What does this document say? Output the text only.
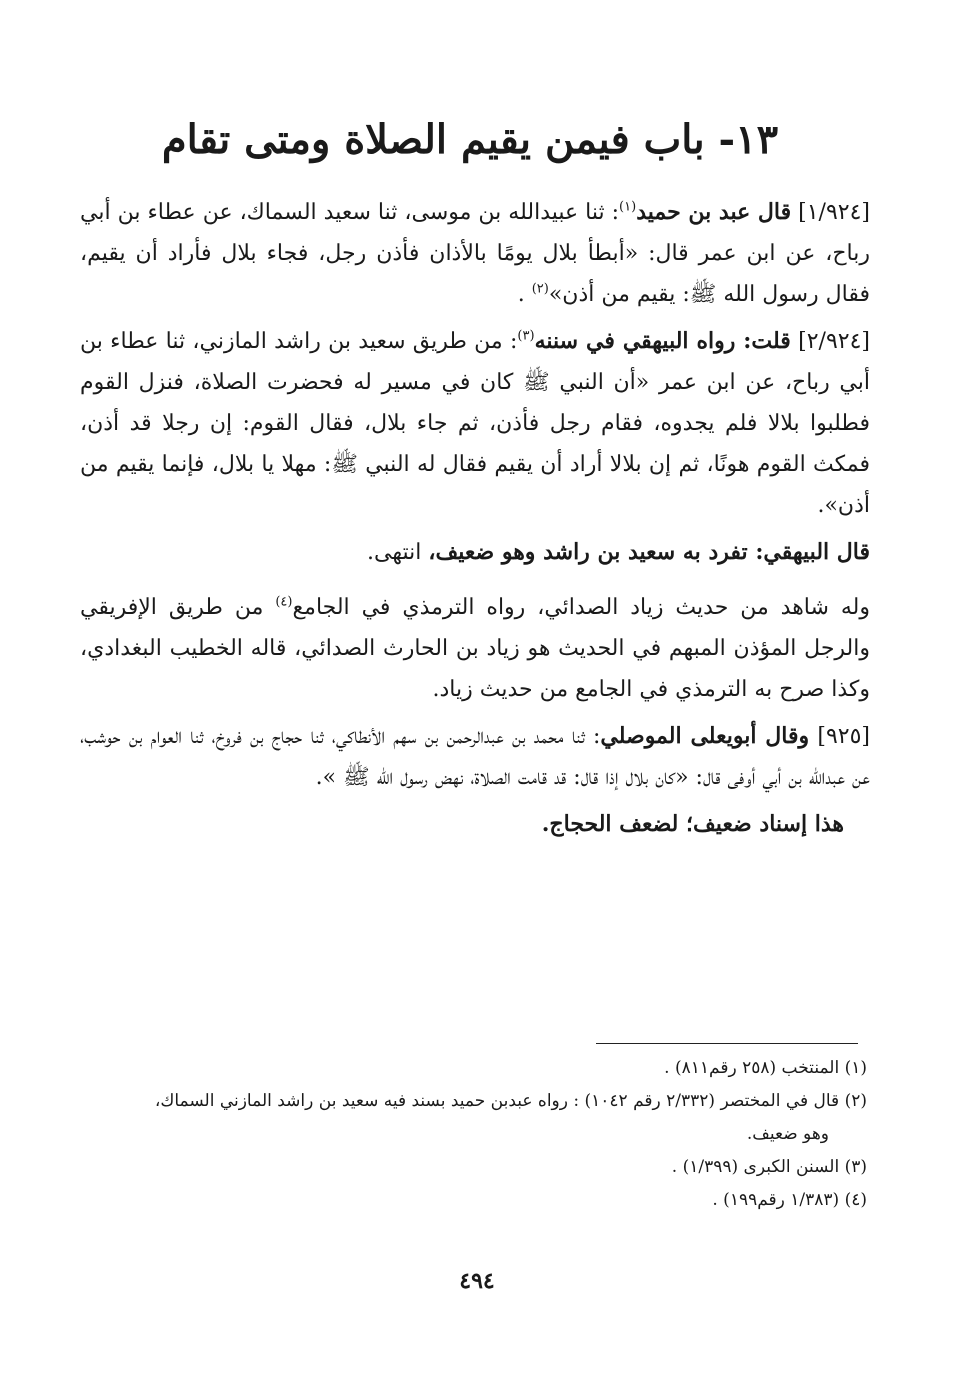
١٣- باب فيمن يقيم الصلاة ومتى تقام

[١/٩٢٤] قال عبد بن حميد$^{(١)}$: ثنا عبيدالله بن موسى، ثنا سعيد السماك، عن عطاء بن أبي رباح، عن ابن عمر قال: «أبطأ بلال يومًا بالأذان فأذن رجل، فجاء بلال فأراد أن يقيم، فقال رسول الله ﷺ: يقيم من أذن»$^{(٢)}$ .

[٢/٩٢٤] قلت: رواه البيهقي في سننه$^{(٣)}$: من طريق سعيد بن راشد المازني، ثنا عطاء بن أبي رباح، عن ابن عمر «أن النبي ﷺ كان في مسير له فحضرت الصلاة، فنزل القوم فطلبوا بلالا فلم يجدوه، فقام رجل فأذن، ثم جاء بلال، فقال القوم: إن رجلا قد أذن، فمكث القوم هونًا، ثم إن بلالا أراد أن يقيم فقال له النبي ﷺ: مهلا يا بلال، فإنما يقيم من أذن».

قال البيهقي: تفرد به سعيد بن راشد وهو ضعيف، انتهى.

وله شاهد من حديث زياد الصدائي، رواه الترمذي في الجامع$^{(٤)}$ من طريق الإفريقي والرجل المؤذن المبهم في الحديث هو زياد بن الحارث الصدائي، قاله الخطيب البغدادي، وكذا صرح به الترمذي في الجامع من حديث زياد.

[٩٢٥] وقال أبويعلى الموصلي: ثنا محمد بن عبدالرحمن بن سهم الأنطاكي، ثنا حجاج بن فروخ، ثنا العوام بن حوشب، عن عبدالله بن أبي أوفى قال: «كان بلال إذا قال: قد قامت الصلاة، نهض رسول الله ﷺ ».

هذا إسناد ضعيف؛ لضعف الحجاج.

(١) المنتخب (٢٥٨ رقم٨١١) .

(٢) قال في المختصر (٢/٣٣٢ رقم ١٠٤٢) : رواه عبدبن حميد بسند فيه سعيد بن راشد المازني السماك،

وهو ضعيف.

(٣) السنن الكبرى (١/٣٩٩) .

(٤) (١/٣٨٣ رقم١٩٩) .

٤٩٤
